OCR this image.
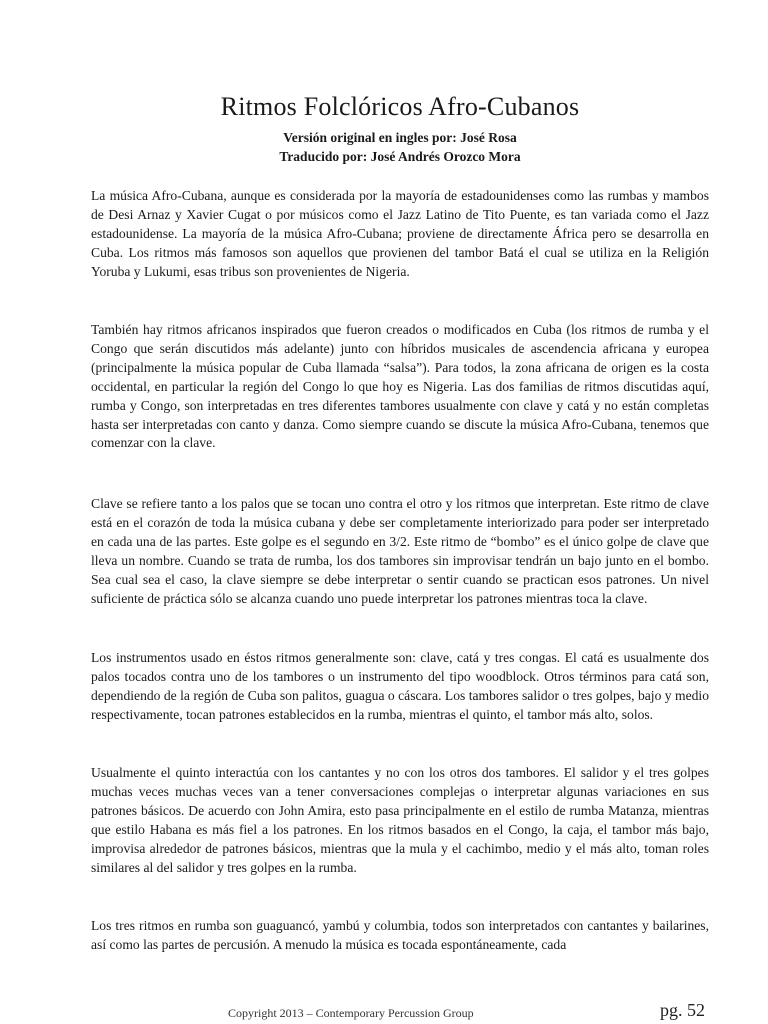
Ritmos Folclóricos Afro-Cubanos
Versión original en ingles por: José Rosa
Traducido por: José Andrés Orozco Mora

La música Afro-Cubana, aunque es considerada por la mayoría de estadounidenses como las rumbas y mambos de Desi Arnaz y Xavier Cugat o por músicos como el Jazz Latino de Tito Puente, es tan variada como el Jazz estadounidense. La mayoría de la música Afro-Cubana; proviene de directamente África pero se desarrolla en Cuba. Los ritmos más famosos son aquellos que provienen del tambor Batá el cual se utiliza en la Religión Yoruba y Lukumi, esas tribus son provenientes de Nigeria.

También hay ritmos africanos inspirados que fueron creados o modificados en Cuba (los ritmos de rumba y el Congo que serán discutidos más adelante) junto con híbridos musicales de ascendencia africana y europea (principalmente la música popular de Cuba llamada “salsa”). Para todos, la zona africana de origen es la costa occidental, en particular la región del Congo lo que hoy es Nigeria. Las dos familias de ritmos discutidas aquí, rumba y Congo, son interpretadas en tres diferentes tambores usualmente con clave y catá y no están completas hasta ser interpretadas con canto y danza. Como siempre cuando se discute la música Afro-Cubana, tenemos que comenzar con la clave.

Clave se refiere tanto a los palos que se tocan uno contra el otro y los ritmos que interpretan. Este ritmo de clave está en el corazón de toda la música cubana y debe ser completamente interiorizado para poder ser interpretado en cada una de las partes. Este golpe es el segundo en 3/2. Este ritmo de “bombo” es el único golpe de clave que lleva un nombre. Cuando se trata de rumba, los dos tambores sin improvisar tendrán un bajo junto en el bombo. Sea cual sea el caso, la clave siempre se debe interpretar o sentir cuando se practican esos patrones. Un nivel suficiente de práctica sólo se alcanza cuando uno puede interpretar los patrones mientras toca la clave.

Los instrumentos usado en éstos ritmos generalmente son: clave, catá y tres congas. El catá es usualmente dos palos tocados contra uno de los tambores o un instrumento del tipo woodblock. Otros términos para catá son, dependiendo de la región de Cuba son palitos, guagua o cáscara. Los tambores salidor o tres golpes, bajo y medio respectivamente, tocan patrones establecidos en la rumba, mientras el quinto, el tambor más alto, solos.

Usualmente el quinto interactúa con los cantantes y no con los otros dos tambores. El salidor y el tres golpes muchas veces muchas veces van a tener conversaciones complejas o interpretar algunas variaciones en sus patrones básicos. De acuerdo con John Amira, esto pasa principalmente en el estilo de rumba Matanza, mientras que estilo Habana es más fiel a los patrones. En los ritmos basados en el Congo, la caja, el tambor más bajo, improvisa alrededor de patrones básicos, mientras que la mula y el cachimbo, medio y el más alto, toman roles similares al del salidor y tres golpes en la rumba.

Los tres ritmos en rumba son guaguancó, yambú y columbia, todos son interpretados con cantantes y bailarines, así como las partes de percusión. A menudo la música es tocada espontáneamente, cada

Copyright 2013 – Contemporary Percussion Group	pg. 52
